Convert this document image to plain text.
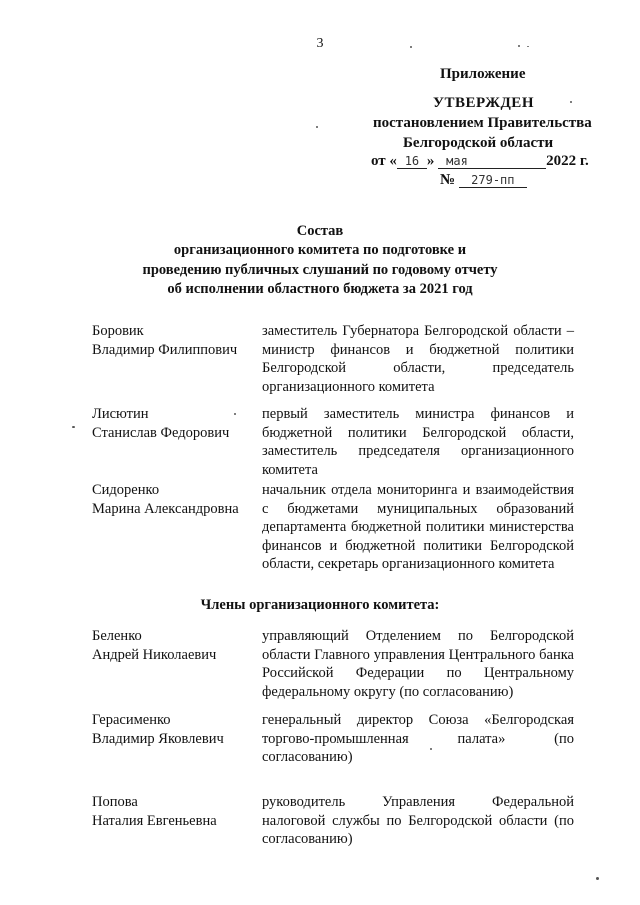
3
Приложение
УТВЕРЖДЕН
постановлением Правительства
Белгородской области
от « 16 » мая	2022 г.
№ 279-пп
Состав
организационного комитета по подготовке и проведению публичных слушаний по годовому отчету об исполнении областного бюджета за 2021 год
Боровик
Владимир Филиппович
заместитель Губернатора Белгородской области – министр финансов и бюджетной политики Белгородской области, председатель организационного комитета
Лисютин
Станислав Федорович
первый заместитель министра финансов и бюджетной политики Белгородской области, заместитель председателя организационного комитета
Сидоренко
Марина Александровна
начальник отдела мониторинга и взаимодействия с бюджетами муниципальных образований департамента бюджетной политики министерства финансов и бюджетной политики Белгородской области, секретарь организационного комитета
Члены организационного комитета:
Беленко
Андрей Николаевич
управляющий Отделением по Белгородской области Главного управления Центрального банка Российской Федерации по Центральному федеральному округу (по согласованию)
Герасименко
Владимир Яковлевич
генеральный директор Союза «Белгородская торгово-промышленная палата» (по согласованию)
Попова
Наталия Евгеньевна
руководитель Управления Федеральной налоговой службы по Белгородской области (по согласованию)
